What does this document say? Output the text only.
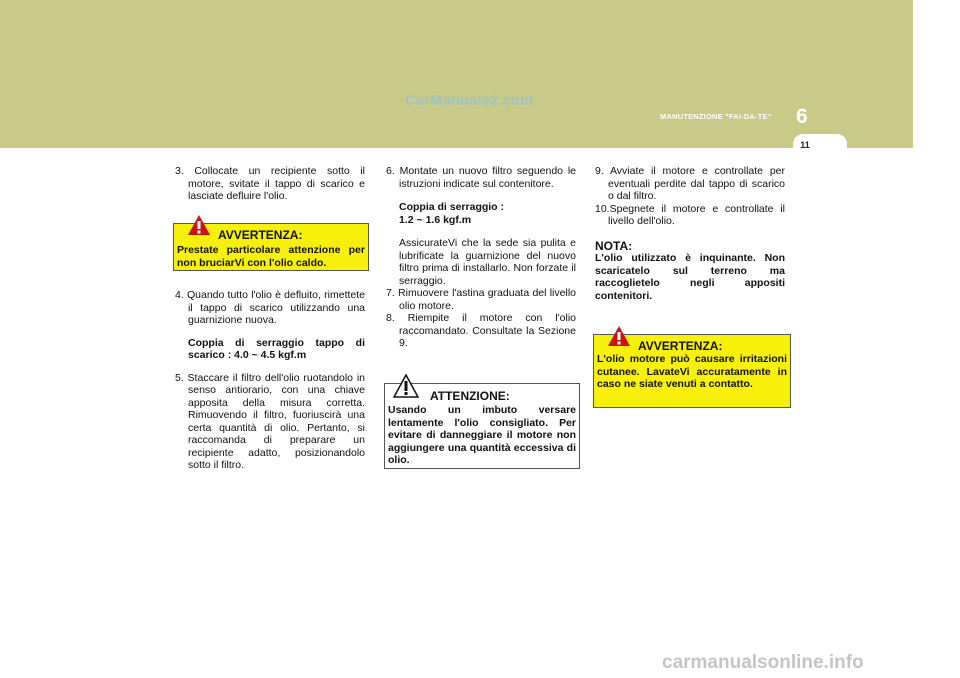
CarManuals2.com
MANUTENZIONE "FAI-DA-TE" 6
11

3. Collocate un recipiente sotto il motore, svitate il tappo di scarico e lasciate defluire l'olio.

AVVERTENZA:
Prestate particolare attenzione per non bruciarVi con l'olio caldo.

4. Quando tutto l'olio è defluito, rimettete il tappo di scarico utilizzando una guarnizione nuova.

Coppia di serraggio tappo di scarico : 4.0 ~ 4.5 kgf.m

5. Staccare il filtro dell'olio ruotandolo in senso antiorario, con una chiave apposita della misura corretta. Rimuovendo il filtro, fuoriuscirà una certa quantità di olio. Pertanto, si raccomanda di preparare un recipiente adatto, posizionandolo sotto il filtro.

6. Montate un nuovo filtro seguendo le istruzioni indicate sul contenitore.

Coppia di serraggio :

1.2 ~ 1.6 kgf.m

AssicurateVi che la sede sia pulita e lubrificate la guarnizione del nuovo filtro prima di installarlo. Non forzate il serraggio.

7. Rimuovere l'astina graduata del livello olio motore.

8. Riempite il motore con l'olio raccomandato. Consultate la Sezione 9.

ATTENZIONE:
Usando un imbuto versare lentamente l'olio consigliato. Per evitare di danneggiare il motore non aggiungere una quantità eccessiva di olio.

9. Avviate il motore e controllate per eventuali perdite dal tappo di scarico o dal filtro.

10.Spegnete il motore e controllate il livello dell'olio.

NOTA:

L'olio utilizzato è inquinante. Non scaricatelo sul terreno ma raccoglietelo negli appositi contenitori.

AVVERTENZA:
L'olio motore può causare irritazioni cutanee. LavateVi accuratamente in caso ne siate venuti a contatto.
carmanualsonline.info
